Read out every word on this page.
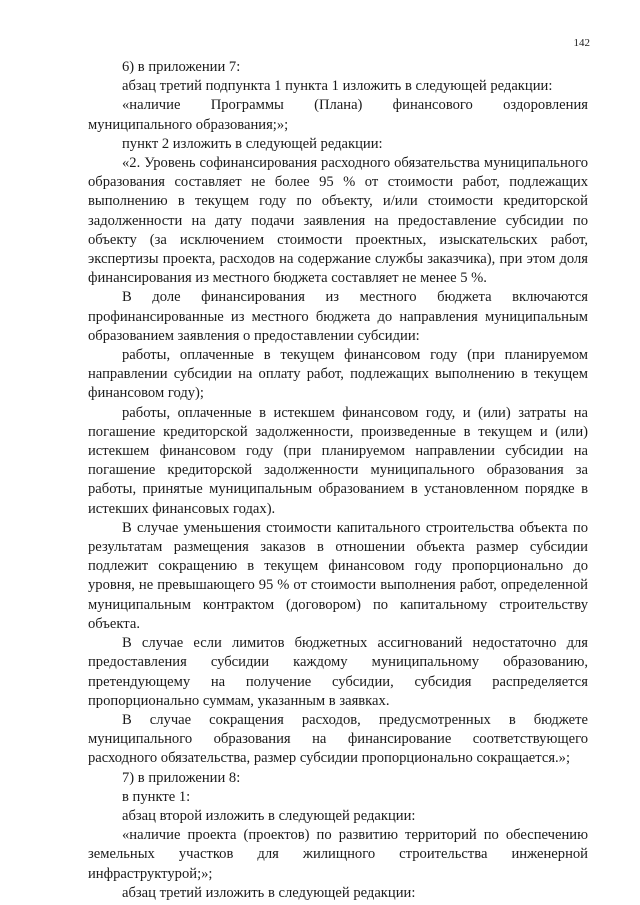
142

6) в приложении 7:

абзац третий подпункта 1 пункта 1 изложить в следующей редакции:

«наличие Программы (Плана) финансового оздоровления муниципального образования;»;

пункт 2 изложить в следующей редакции:

«2. Уровень софинансирования расходного обязательства муниципального образования составляет не более 95 % от стоимости работ, подлежащих выполнению в текущем году по объекту, и/или стоимости кредиторской задолженности на дату подачи заявления на предоставление субсидии по объекту (за исключением стоимости проектных, изыскательских работ, экспертизы проекта, расходов на содержание службы заказчика), при этом доля финансирования из местного бюджета составляет не менее 5 %.

В доле финансирования из местного бюджета включаются профинансированные из местного бюджета до направления муниципальным образованием заявления о предоставлении субсидии:

работы, оплаченные в текущем финансовом году (при планируемом направлении субсидии на оплату работ, подлежащих выполнению в текущем финансовом году);

работы, оплаченные в истекшем финансовом году, и (или) затраты на погашение кредиторской задолженности, произведенные в текущем и (или) истекшем финансовом году (при планируемом направлении субсидии на погашение кредиторской задолженности муниципального образования за работы, принятые муниципальным образованием в установленном порядке в истекших финансовых годах).

В случае уменьшения стоимости капитального строительства объекта по результатам размещения заказов в отношении объекта размер субсидии подлежит сокращению в текущем финансовом году пропорционально до уровня, не превышающего 95 % от стоимости выполнения работ, определенной муниципальным контрактом (договором) по капитальному строительству объекта.

В случае если лимитов бюджетных ассигнований недостаточно для предоставления субсидии каждому муниципальному образованию, претендующему на получение субсидии, субсидия распределяется пропорционально суммам, указанным в заявках.

В случае сокращения расходов, предусмотренных в бюджете муниципального образования на финансирование соответствующего расходного обязательства, размер субсидии пропорционально сокращается.»;

7) в приложении 8:

в пункте 1:

абзац второй изложить в следующей редакции:

«наличие проекта (проектов) по развитию территорий по обеспечению земельных участков для жилищного строительства инженерной инфраструктурой;»;

абзац третий изложить в следующей редакции:
